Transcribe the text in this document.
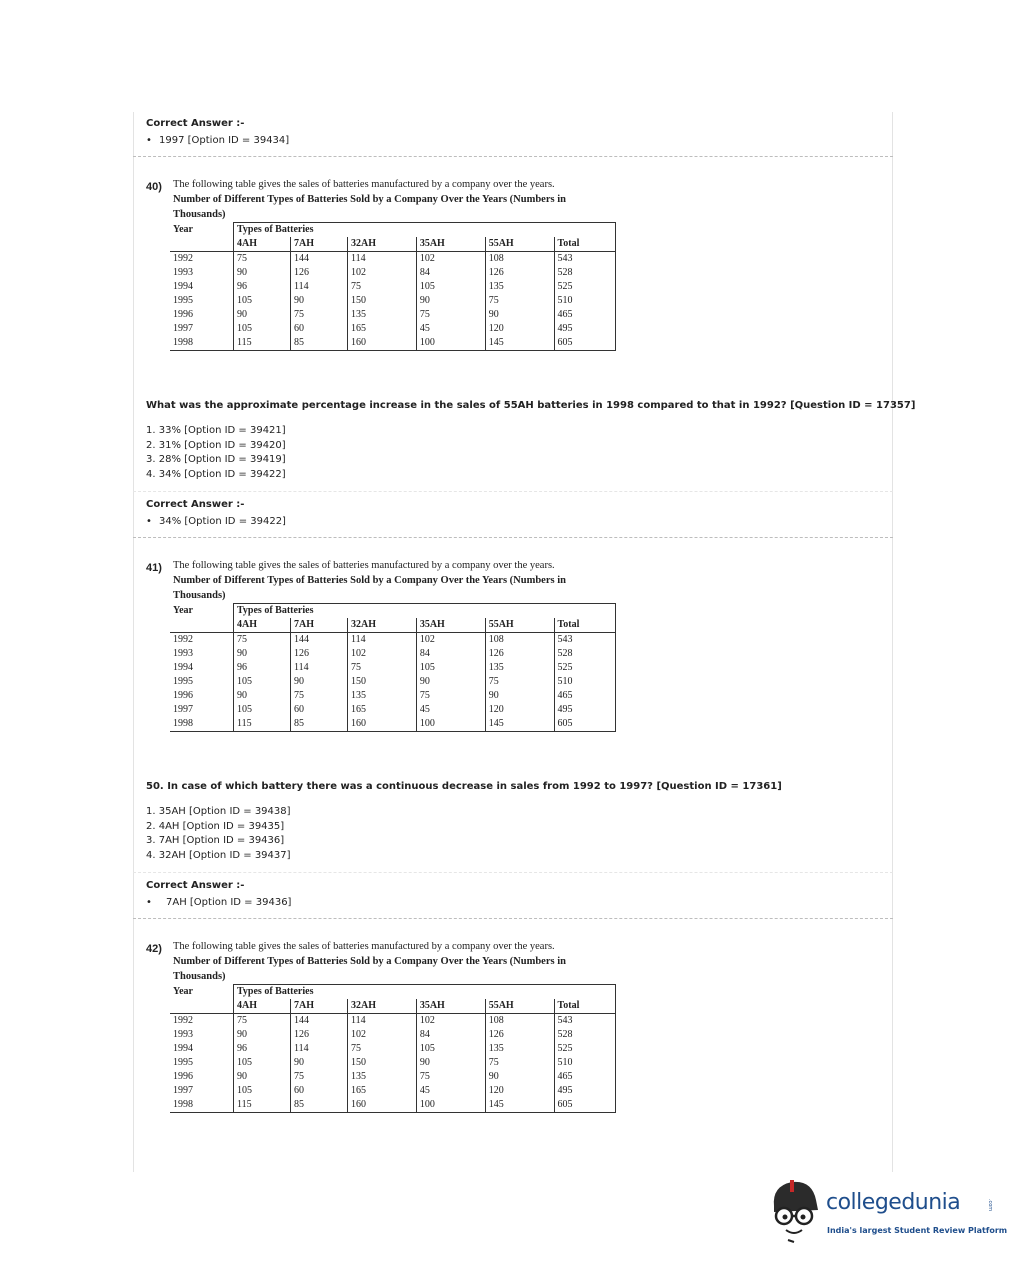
Correct Answer :-
• 1997 [Option ID = 39434]
40) The following table gives the sales of batteries manufactured by a company over the years.
Number of Different Types of Batteries Sold by a Company Over the Years (Numbers in Thousands)
Year	Types of Batteries					
	4AH	7AH	32AH	35AH	55AH	Total
1992	75	144	114	102	108	543
1993	90	126	102	84	126	528
1994	96	114	75	105	135	525
1995	105	90	150	90	75	510
1996	90	75	135	75	90	465
1997	105	60	165	45	120	495
1998	115	85	160	100	145	605
What was the approximate percentage increase in the sales of 55AH batteries in 1998 compared to that in 1992? [Question ID = 17357]
1. 33% [Option ID = 39421]
2. 31% [Option ID = 39420]
3. 28% [Option ID = 39419]
4. 34% [Option ID = 39422]
Correct Answer :-
• 34% [Option ID = 39422]
41) The following table gives the sales of batteries manufactured by a company over the years.
Number of Different Types of Batteries Sold by a Company Over the Years (Numbers in Thousands)
Year	Types of Batteries					
	4AH	7AH	32AH	35AH	55AH	Total
1992	75	144	114	102	108	543
1993	90	126	102	84	126	528
1994	96	114	75	105	135	525
1995	105	90	150	90	75	510
1996	90	75	135	75	90	465
1997	105	60	165	45	120	495
1998	115	85	160	100	145	605
50. In case of which battery there was a continuous decrease in sales from 1992 to 1997? [Question ID = 17361]
1. 35AH [Option ID = 39438]
2. 4AH [Option ID = 39435]
3. 7AH [Option ID = 39436]
4. 32AH [Option ID = 39437]
Correct Answer :-
• 7AH [Option ID = 39436]
42) The following table gives the sales of batteries manufactured by a company over the years.
Number of Different Types of Batteries Sold by a Company Over the Years (Numbers in Thousands)
Year	Types of Batteries					
	4AH	7AH	32AH	35AH	55AH	Total
1992	75	144	114	102	108	543
1993	90	126	102	84	126	528
1994	96	114	75	105	135	525
1995	105	90	150	90	75	510
1996	90	75	135	75	90	465
1997	105	60	165	45	120	495
1998	115	85	160	100	145	605
collegedunia	.com
India's largest Student Review Platform
